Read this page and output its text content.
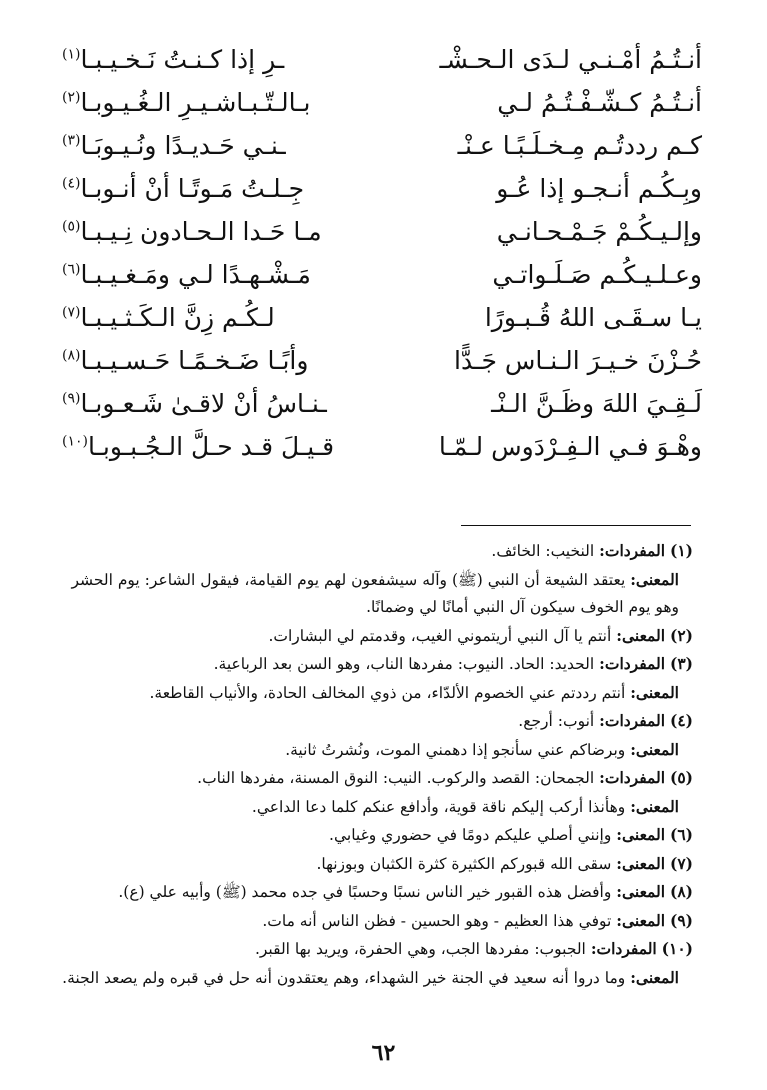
أنـتُـمُ أمْـنـي لـدَى الـحـشْـ
ـرِ إذا كـنـتُ نَـخـيـبـا$^{(١)}$
أنـتُـمُ كـشّـفْـتُـمُ لـي
بـالـتّـبـاشـيـرِ الـغُـيـوبـا$^{(٢)}$
كـم رددتُـم مِـخـلَـبًـا عـنْـ
ـنـي حَـديـدًا ونُـيـوبَـا$^{(٣)}$
وبِـكُـم أنـجـو إذا عُـو
جِـلـتُ مَـوتًـا أنْ أنـوبـا$^{(٤)}$
وإلـيـكُـمْ جَـمْـحـانـي
مـا حَـدا الـحـادون نِـيـبـا$^{(٥)}$
وعـلـيـكُـم صَـلَـواتـي
مَـشْـهـدًا لـي ومَـغـيـبـا$^{(٦)}$
يـا سـقَـى اللهُ قُـبـورًا
لـكُـم زِنَّ الـكَـثـيـبـا$^{(٧)}$
حُـزْنَ خـيـرَ الـنـاس جَـدًّا
وأبًـا ضَـخـمًـا حَـسـيـبـا$^{(٨)}$
لَـقِـيَ اللهَ وظَـنَّ الـنْـ
ـنـاسُ أنْ لاقـىٰ شَـعـوبـا$^{(٩)}$
وهْـوَ فـي الـفِـرْدَوس لـمّـا
قـيـلَ قـد حـلَّ الـجُـبـوبـا$^{(١٠)}$

(١) المفردات: النخيب: الخائف.

المعنى: يعتقد الشيعة أن النبي (ﷺ) وآله سيشفعون لهم يوم القيامة، فيقول الشاعر: يوم الحشر وهو يوم الخوف سيكون آل النبي أمانًا لي وضمانًا.

(٢) المعنى: أنتم يا آل النبي أريتموني الغيب، وقدمتم لي البشارات.

(٣) المفردات: الحديد: الحاد. النيوب: مفردها الناب، وهو السن بعد الرباعية.

المعنى: أنتم رددتم عني الخصوم الألدّاء، من ذوي المخالف الحادة، والأنياب القاطعة.

(٤) المفردات: أنوب: أرجع.

المعنى: وبرضاكم عني سأنجو إذا دهمني الموت، ونُشرتُ ثانية.

(٥) المفردات: الجمحان: القصد والركوب. النيب: النوق المسنة، مفردها الناب.

المعنى: وهأنذا أركب إليكم ناقة قوية، وأدافع عنكم كلما دعا الداعي.

(٦) المعنى: وإنني أصلي عليكم دومًا في حضوري وغيابي.

(٧) المعنى: سقى الله قبوركم الكثيرة كثرة الكثبان وبوزنها.

(٨) المعنى: وأفضل هذه القبور خير الناس نسبًا وحسبًا في جده محمد (ﷺ) وأبيه علي (ع).

(٩) المعنى: توفي هذا العظيم - وهو الحسين - فظن الناس أنه مات.

(١٠) المفردات: الجبوب: مفردها الجب، وهي الحفرة، ويريد بها القبر.

المعنى: وما دروا أنه سعيد في الجنة خير الشهداء، وهم يعتقدون أنه حل في قبره ولم يصعد الجنة.

٦٢
